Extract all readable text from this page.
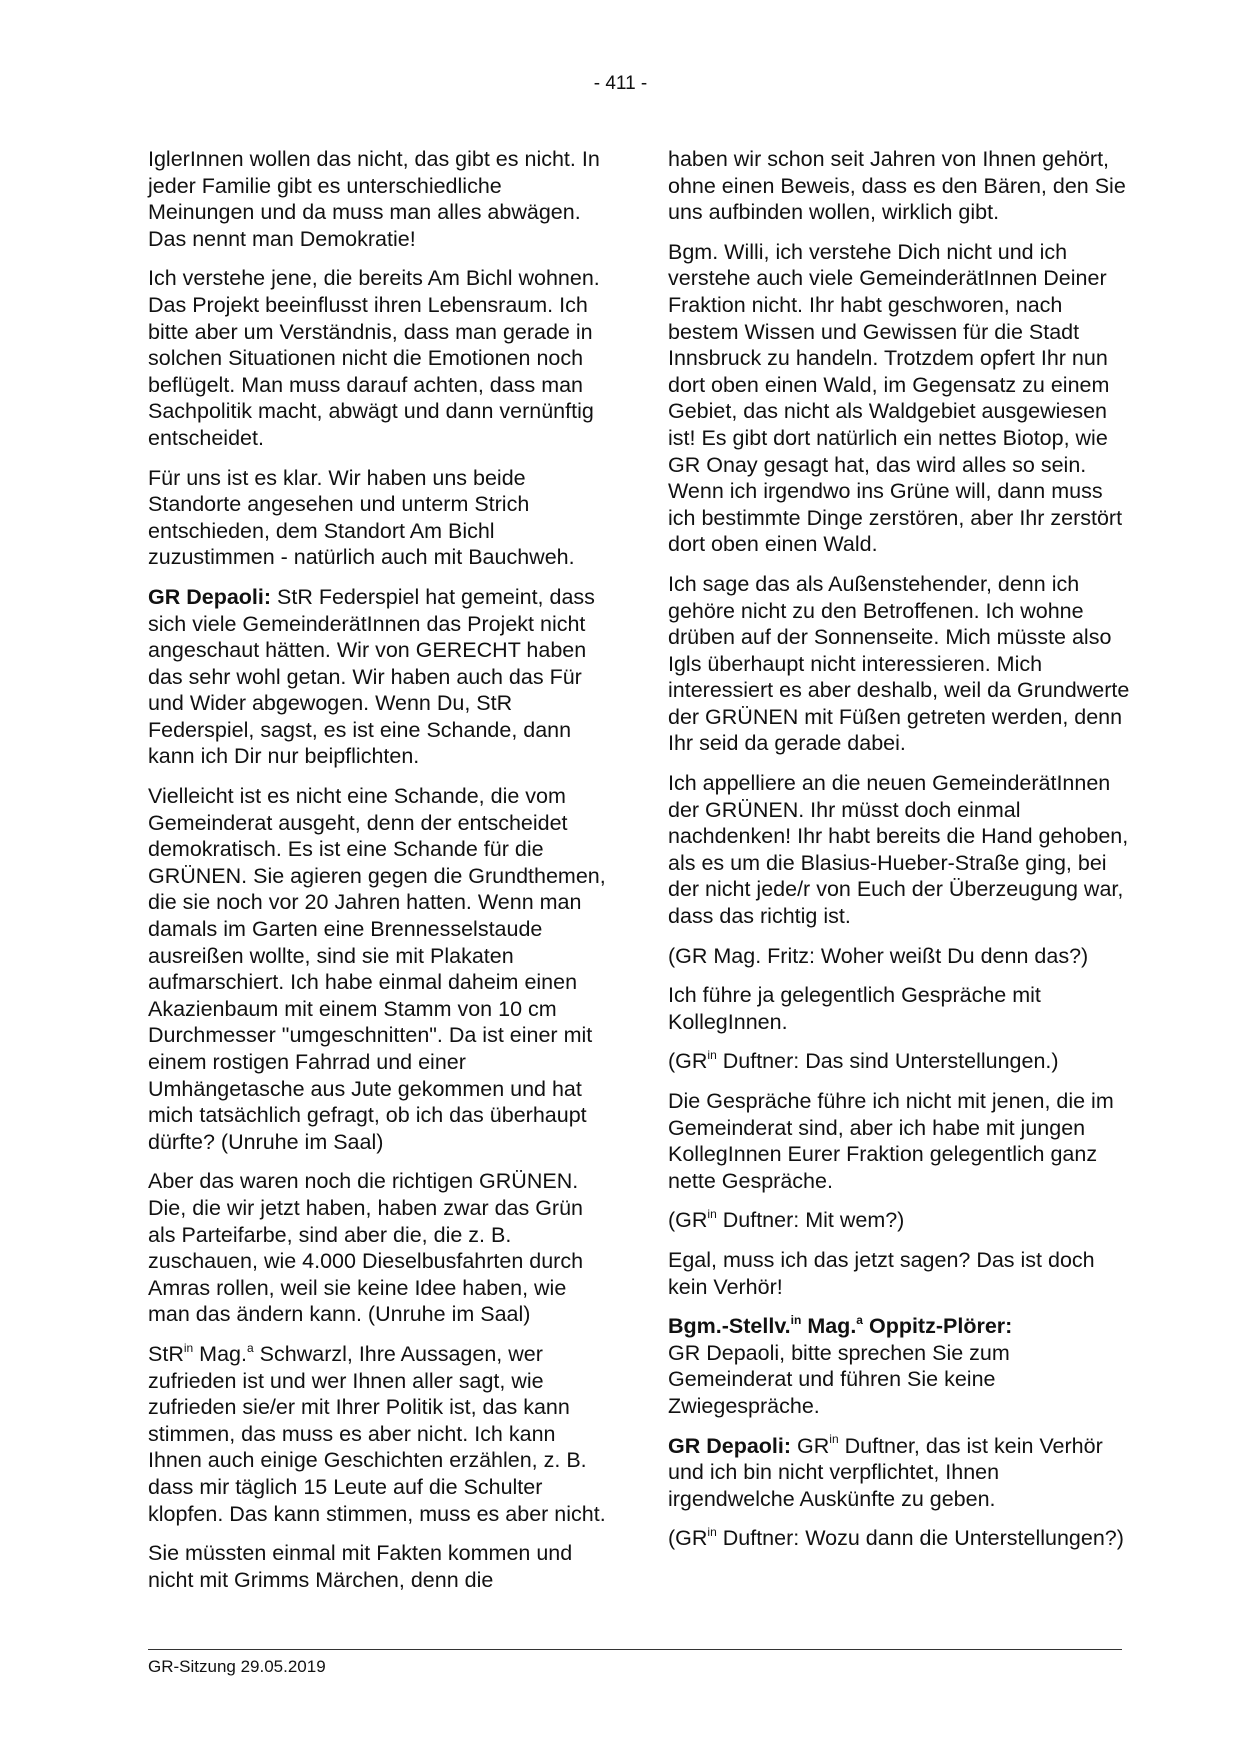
- 411 -

IglerInnen wollen das nicht, das gibt es nicht. In jeder Familie gibt es unterschiedliche Meinungen und da muss man alles abwägen. Das nennt man Demokratie!

Ich verstehe jene, die bereits Am Bichl wohnen. Das Projekt beeinflusst ihren Lebensraum. Ich bitte aber um Verständnis, dass man gerade in solchen Situationen nicht die Emotionen noch beflügelt. Man muss darauf achten, dass man Sachpolitik macht, abwägt und dann vernünftig entscheidet.

Für uns ist es klar. Wir haben uns beide Standorte angesehen und unterm Strich entschieden, dem Standort Am Bichl zuzustimmen - natürlich auch mit Bauchweh.

GR Depaoli: StR Federspiel hat gemeint, dass sich viele GemeinderätInnen das Projekt nicht angeschaut hätten. Wir von GERECHT haben das sehr wohl getan. Wir haben auch das Für und Wider abgewogen. Wenn Du, StR Federspiel, sagst, es ist eine Schande, dann kann ich Dir nur beipflichten.

Vielleicht ist es nicht eine Schande, die vom Gemeinderat ausgeht, denn der entscheidet demokratisch. Es ist eine Schande für die GRÜNEN. Sie agieren gegen die Grundthemen, die sie noch vor 20 Jahren hatten. Wenn man damals im Garten eine Brennesselstaude ausreißen wollte, sind sie mit Plakaten aufmarschiert. Ich habe einmal daheim einen Akazienbaum mit einem Stamm von 10 cm Durchmesser "umgeschnitten". Da ist einer mit einem rostigen Fahrrad und einer Umhängetasche aus Jute gekommen und hat mich tatsächlich gefragt, ob ich das überhaupt dürfte? (Unruhe im Saal)

Aber das waren noch die richtigen GRÜNEN. Die, die wir jetzt haben, haben zwar das Grün als Parteifarbe, sind aber die, die z. B. zuschauen, wie 4.000 Dieselbusfahrten durch Amras rollen, weil sie keine Idee haben, wie man das ändern kann. (Unruhe im Saal)

StR$^{in}$ Mag.$^a$ Schwarzl, Ihre Aussagen, wer zufrieden ist und wer Ihnen aller sagt, wie zufrieden sie/er mit Ihrer Politik ist, das kann stimmen, das muss es aber nicht. Ich kann Ihnen auch einige Geschichten erzählen, z. B. dass mir täglich 15 Leute auf die Schulter klopfen. Das kann stimmen, muss es aber nicht.

Sie müssten einmal mit Fakten kommen und nicht mit Grimms Märchen, denn die

haben wir schon seit Jahren von Ihnen gehört, ohne einen Beweis, dass es den Bären, den Sie uns aufbinden wollen, wirklich gibt.

Bgm. Willi, ich verstehe Dich nicht und ich verstehe auch viele GemeinderätInnen Deiner Fraktion nicht. Ihr habt geschworen, nach bestem Wissen und Gewissen für die Stadt Innsbruck zu handeln. Trotzdem opfert Ihr nun dort oben einen Wald, im Gegensatz zu einem Gebiet, das nicht als Waldgebiet ausgewiesen ist! Es gibt dort natürlich ein nettes Biotop, wie GR Onay gesagt hat, das wird alles so sein. Wenn ich irgendwo ins Grüne will, dann muss ich bestimmte Dinge zerstören, aber Ihr zerstört dort oben einen Wald.

Ich sage das als Außenstehender, denn ich gehöre nicht zu den Betroffenen. Ich wohne drüben auf der Sonnenseite. Mich müsste also Igls überhaupt nicht interessieren. Mich interessiert es aber deshalb, weil da Grundwerte der GRÜNEN mit Füßen getreten werden, denn Ihr seid da gerade dabei.

Ich appelliere an die neuen GemeinderätInnen der GRÜNEN. Ihr müsst doch einmal nachdenken! Ihr habt bereits die Hand gehoben, als es um die Blasius-Hueber-Straße ging, bei der nicht jede/r von Euch der Überzeugung war, dass das richtig ist.

(GR Mag. Fritz: Woher weißt Du denn das?)

Ich führe ja gelegentlich Gespräche mit KollegInnen.

($GR^{in}$ Duftner: Das sind Unterstellungen.)

Die Gespräche führe ich nicht mit jenen, die im Gemeinderat sind, aber ich habe mit jungen KollegInnen Eurer Fraktion gelegentlich ganz nette Gespräche.

($GR^{in}$ Duftner: Mit wem?)

Egal, muss ich das jetzt sagen? Das ist doch kein Verhör!

Bgm.-Stellv.$^{in}$ Mag.$^a$ Oppitz-Plörer:
GR Depaoli, bitte sprechen Sie zum Gemeinderat und führen Sie keine Zwiegespräche.

GR Depaoli: $GR^{in}$ Duftner, das ist kein Verhör und ich bin nicht verpflichtet, Ihnen irgendwelche Auskünfte zu geben.

($GR^{in}$ Duftner: Wozu dann die Unterstellungen?)

GR-Sitzung 29.05.2019
